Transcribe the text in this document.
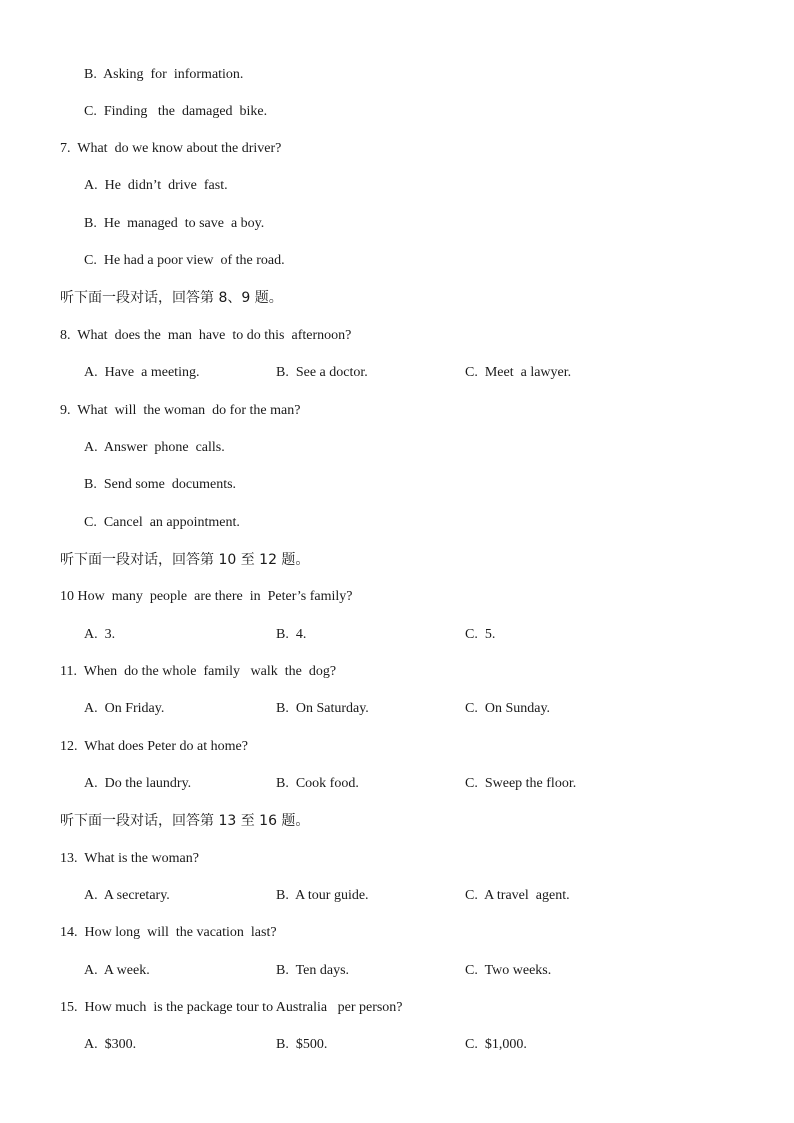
B.  Asking  for  information.
C.  Finding   the  damaged  bike.
7.  What  do we know about the driver?
A.  He  didn’t  drive  fast.
B.  He  managed  to save  a boy.
C.  He had a poor view  of the road.
听下面一段对话，回答第 8、9 题。
8.  What  does the  man  have  to do this  afternoon?
A.  Have  a meeting.	B.  See a doctor.	C.  Meet  a lawyer.
9.  What  will  the woman  do for the man?
A.  Answer  phone  calls.
B.  Send some  documents.
C.  Cancel  an appointment.
听下面一段对话，回答第 10 至 12 题。
10 How  many  people  are there  in  Peter’s family?
A.  3.	B.  4.	C.  5.
11.  When  do the whole  family   walk  the  dog?
A.  On Friday.	B.  On Saturday.	C.  On Sunday.
12.  What does Peter do at home?
A.  Do the laundry.	B.  Cook food.	C.  Sweep the floor.
听下面一段对话，回答第 13 至 16 题。
13.  What is the woman?
A.  A secretary.	B.  A tour guide.	C.  A travel  agent.
14.  How long  will  the vacation  last?
A.  A week.	B.  Ten days.	C.  Two weeks.
15.  How much  is the package tour to Australia   per person?
A.  $300.	B.  $500.	C.  $1,000.
